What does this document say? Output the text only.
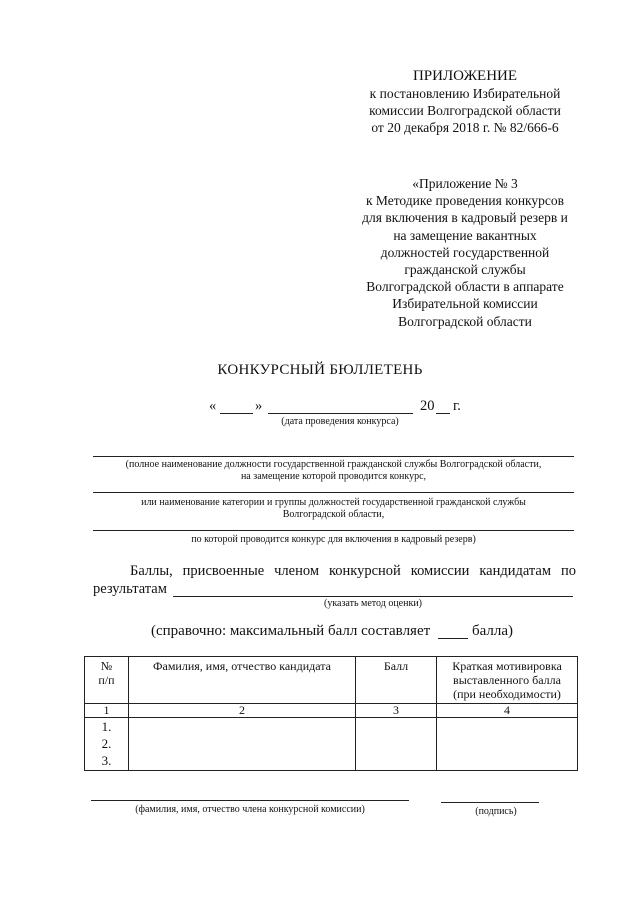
ПРИЛОЖЕНИЕ
к постановлению Избирательной
комиссии Волгоградской области
от 20 декабря 2018 г. № 82/666-6
«Приложение № 3
к Методике проведения конкурсов
для включения в кадровый резерв и
на замещение вакантных
должностей государственной
гражданской службы
Волгоградской области в аппарате
Избирательной комиссии
Волгоградской области
КОНКУРСНЫЙ БЮЛЛЕТЕНЬ
«	»	20 г.
(дата проведения конкурса)
(полное наименование должности государственной гражданской службы Волгоградской области,
на замещение которой проводится конкурс,
или наименование категории и группы должностей государственной гражданской службы
Волгоградской области,
по которой проводится конкурс для включения в кадровый резерв)
Баллы, присвоенные членом конкурсной комиссии кандидатам по
результатам
(указать метод оценки)
(справочно: максимальный балл составляет	балла)
№
п/п	Фамилия, имя, отчество кандидата	Балл	Краткая мотивировка
выставленного балла
(при необходимости)

1	2	3	4

1.
2.
3.			

(фамилия, имя, отчество члена конкурсной комиссии)	(подпись)
